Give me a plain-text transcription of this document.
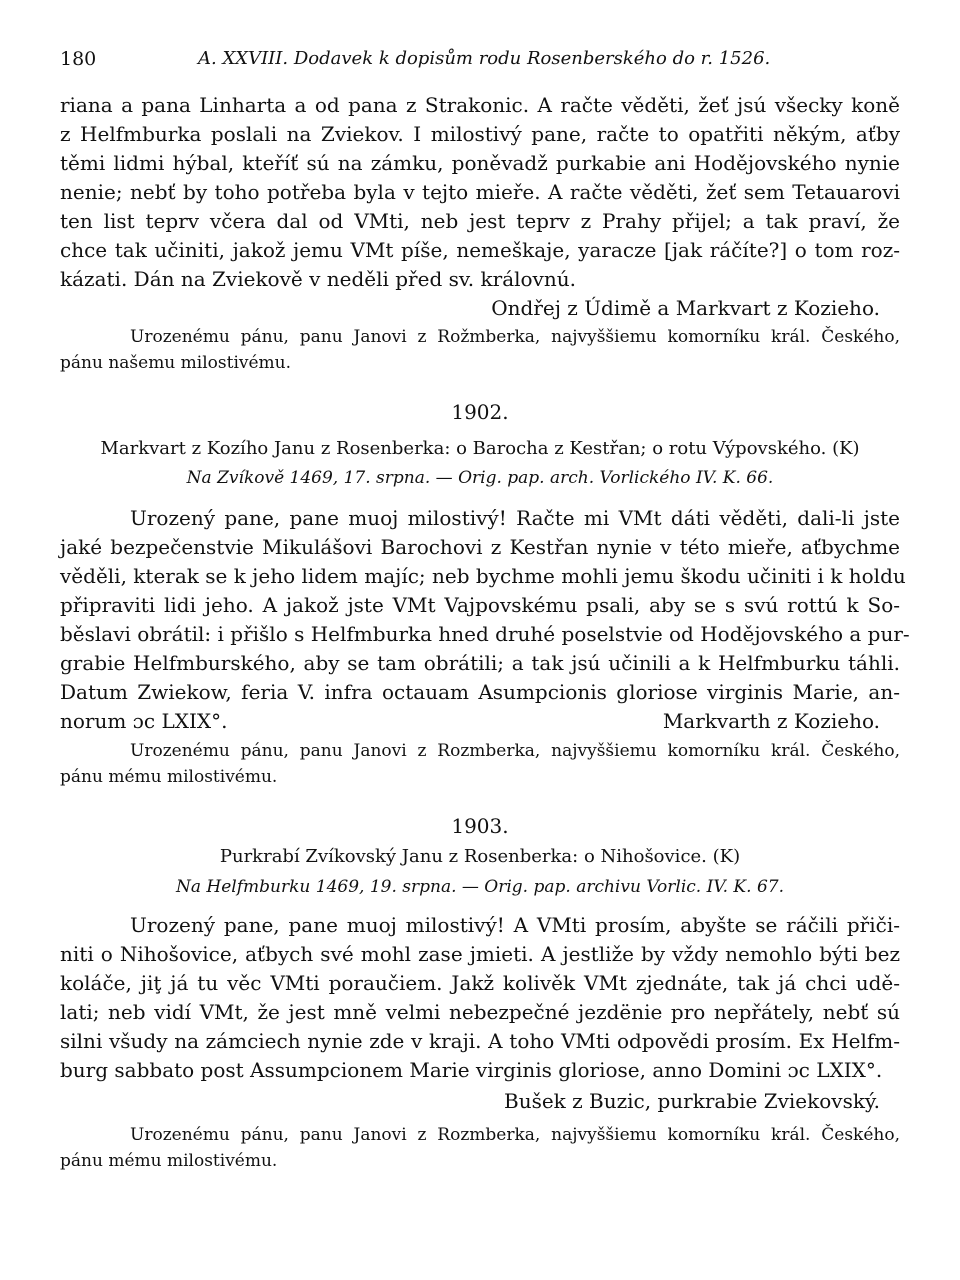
180	A. XXVIII. Dodavek k dopisům rodu Rosenberského do r. 1526.
riana a pana Linharta a od pana z Strakonic. A račte věděti, žeť jsú všecky koně
z Helfmburka poslali na Zviekov. I milostivý pane, račte to opatřiti někým, aťby
těmi lidmi hýbal, kteříť sú na zámku, poněvadž purkabie ani Hodějovského nynie
nenie; nebť by toho potřeba byla v tejto mieře. A račte věděti, žeť sem Tetauarovi
ten list teprv včera dal od VMti, neb jest teprv z Prahy přijel; a tak praví, že
chce tak učiniti, jakož jemu VMt píše, nemeškaje, yaracze [jak ráčíte?] o tom roz-
kázati. Dán na Zviekově v neděli před sv. královnú.
Ondřej z Údimě a Markvart z Kozieho.
Urozenému pánu, panu Janovi z Rožmberka, najvyššiemu komorníku král. Českého,
pánu našemu milostivému.
1902.
Markvart z Kozího Janu z Rosenberka: o Barocha z Kestřan; o rotu Výpovského. (K)
Na Zvíkově 1469, 17. srpna. — Orig. pap. arch. Vorlického IV. K. 66.
Urozený pane, pane muoj milostivý! Račte mi VMt dáti věděti, dali-li jste
jaké bezpečenstvie Mikulášovi Barochovi z Kestřan nynie v této mieře, aťbychme
věděli, kterak se k jeho lidem majíc; neb bychme mohli jemu škodu učiniti i k holdu
připraviti lidi jeho. A jakož jste VMt Vajpovskému psali, aby se s svú rottú k So-
běslavi obrátil: i přišlo s Helfmburka hned druhé poselstvie od Hodějovského a pur-
grabie Helfmburského, aby se tam obrátili; a tak jsú učinili a k Helfmburku táhli.
Datum Zwiekow, feria V. infra octauam Asumpcionis gloriose virginis Marie, an-
norum ɔc LXIX°.	Markvarth z Kozieho.
Urozenému pánu, panu Janovi z Rozmberka, najvyššiemu komorníku král. Českého,
pánu mému milostivému.
1903.
Purkrabí Zvíkovský Janu z Rosenberka: o Nihošovice. (K)
Na Helfmburku 1469, 19. srpna. — Orig. pap. archivu Vorlic. IV. K. 67.
Urozený pane, pane muoj milostivý! A VMti prosím, abyšte se ráčili přiči-
niti o Nihošovice, aťbych své mohl zase jmieti. A jestliže by vždy nemohlo býti bez
koláče, jiţ já tu věc VMti poraučiem. Jakž kolivěk VMt zjednáte, tak já chci udě-
lati; neb vidí VMt, že jest mně velmi nebezpečné jezdënie pro nepřátely, nebť sú
silni všudy na zámciech nynie zde v kraji. A toho VMti odpovědi prosím. Ex Helfm-
burg sabbato post Assumpcionem Marie virginis gloriose, anno Domini ɔc LXIX°.
Bušek z Buzic, purkrabie Zviekovský.
Urozenému pánu, panu Janovi z Rozmberka, najvyššiemu komorníku král. Českého,
pánu mému milostivému.
